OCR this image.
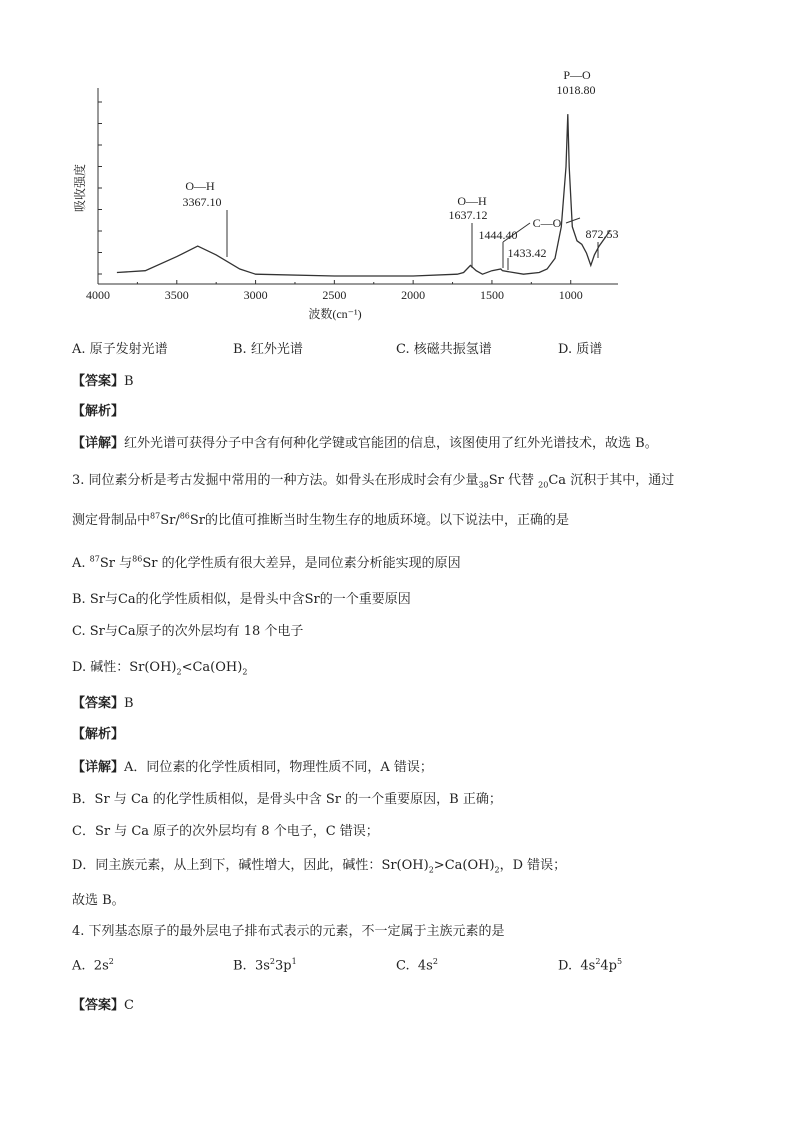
4000	3500	3000	2500	2000	1500	1000
波数(cn⁻¹)
吸收强度	O—H
3367.10	O—H
1637.12
1444.40
1433.42
C—O
P—O
1018.80
872.53
A. 原子发射光谱	B. 红外光谱	C. 核磁共振氢谱	D. 质谱
【答案】B
【解析】
【详解】红外光谱可获得分子中含有何种化学键或官能团的信息，该图使用了红外光谱技术，故选 B。
3. 同位素分析是考古发掘中常用的一种方法。如骨头在形成时会有少量$_{38}$Sr 代替 $_{20}$Ca 沉积于其中，通过
测定骨制品中$^{87}$Sr/$^{86}$Sr的比值可推断当时生物生存的地质环境。以下说法中，正确的是
A. $^{87}$Sr 与$^{86}$Sr 的化学性质有很大差异，是同位素分析能实现的原因
B. Sr与Ca的化学性质相似，是骨头中含Sr的一个重要原因
C. Sr与Ca原子的次外层均有 18 个电子
D. 碱性：$Sr(OH)_2<Ca(OH)_2$
【答案】B
【解析】
【详解】A．同位素的化学性质相同，物理性质不同，A 错误；
B．Sr 与 Ca 的化学性质相似，是骨头中含 Sr 的一个重要原因，B 正确；
C．Sr 与 Ca 原子的次外层均有 8 个电子，C 错误；
D．同主族元素，从上到下，碱性增大，因此，碱性：$Sr(OH)_2>Ca(OH)_2$，D 错误；
故选 B。
4. 下列基态原子的最外层电子排布式表示的元素，不一定属于主族元素的是
A. $2s^2$	B. $3s^23p^1$	C. $4s^2$	D. $4s^24p^5$
【答案】C
